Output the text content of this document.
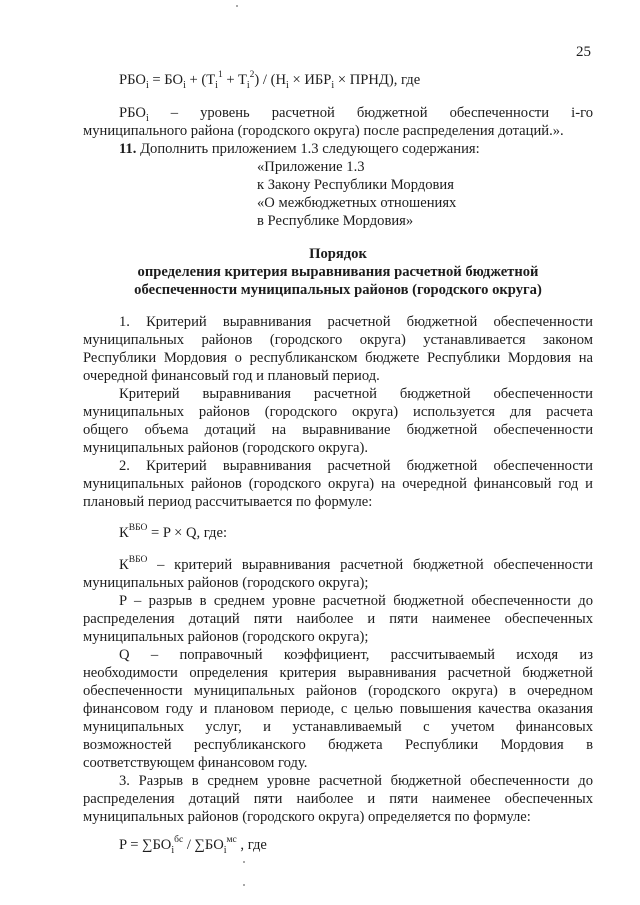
25
$РБО_i = БО_i + (T_i^1 + T_i^2) / (H_i \times ИБР_i$ × ПРНД), где
$РБО_i$ – уровень расчетной бюджетной обеспеченности i-го
муниципального района (городского округа) после распределения дотаций.».
11. Дополнить приложением 1.3 следующего содержания:
«Приложение 1.3
к Закону Республики Мордовия
«О межбюджетных отношениях
в Республике Мордовия»
Порядок
определения критерия выравнивания расчетной бюджетной
обеспеченности муниципальных районов (городского округа)
1. Критерий выравнивания расчетной бюджетной обеспеченности
муниципальных районов (городского округа) устанавливается законом
Республики Мордовия о республиканском бюджете Республики Мордовия на
очередной финансовый год и плановый период.
Критерий выравнивания расчетной бюджетной обеспеченности
муниципальных районов (городского округа) используется для расчета
общего объема дотаций на выравнивание бюджетной обеспеченности
муниципальных районов (городского округа).
2. Критерий выравнивания расчетной бюджетной обеспеченности
муниципальных районов (городского округа) на очередной финансовый год и
плановый период рассчитывается по формуле:
$К^{ВБО} = P \times Q$, где:
$К^{ВБО}$ – критерий выравнивания расчетной бюджетной обеспеченности
муниципальных районов (городского округа);
P – разрыв в среднем уровне расчетной бюджетной обеспеченности до
распределения дотаций пяти наиболее и пяти наименее обеспеченных
муниципальных районов (городского округа);
Q – поправочный коэффициент, рассчитываемый исходя из
необходимости определения критерия выравнивания расчетной бюджетной
обеспеченности муниципальных районов (городского округа) в очередном
финансовом году и плановом периоде, с целью повышения качества оказания
муниципальных услуг, и устанавливаемый с учетом финансовых
возможностей республиканского бюджета Республики Мордовия в
соответствующем финансовом году.
3. Разрыв в среднем уровне расчетной бюджетной обеспеченности до
распределения дотаций пяти наиболее и пяти наименее обеспеченных
муниципальных районов (городского округа) определяется по формуле:
$P = \sum БО_i^{бс} / \sum БО_i^{мс}$ , где
